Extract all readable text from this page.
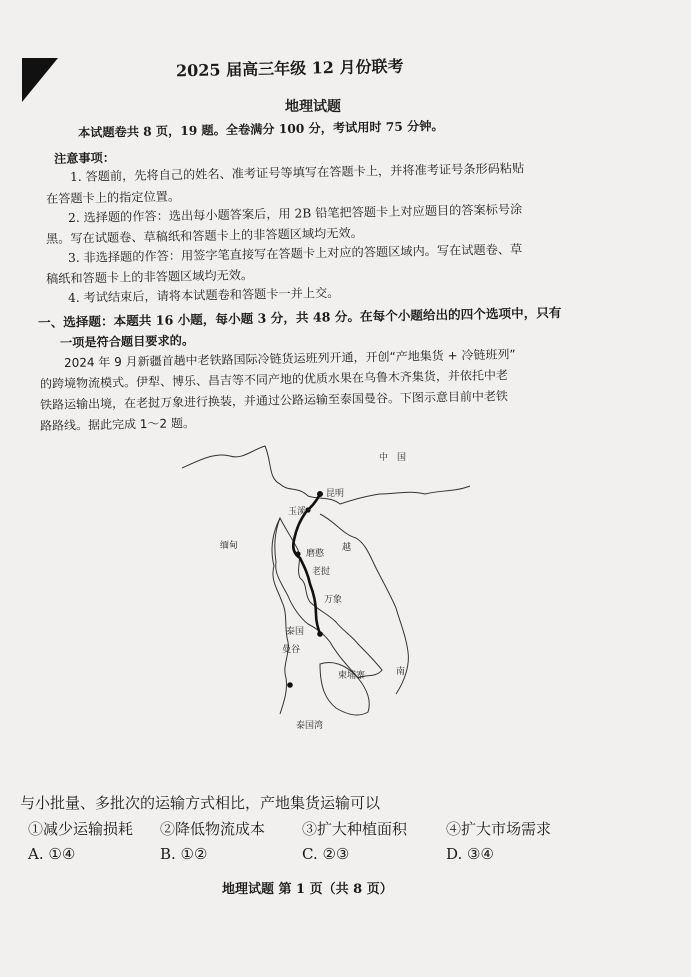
2025 届高三年级 12 月份联考
地理试题
本试题卷共 8 页，19 题。全卷满分 100 分，考试用时 75 分钟。
注意事项：
1. 答题前，先将自己的姓名、准考证号等填写在答题卡上，并将准考证号条形码粘贴
在答题卡上的指定位置。
2. 选择题的作答：选出每小题答案后，用 2B 铅笔把答题卡上对应题目的答案标号涂
黑。写在试题卷、草稿纸和答题卡上的非答题区域均无效。
3. 非选择题的作答：用签字笔直接写在答题卡上对应的答题区域内。写在试题卷、草
稿纸和答题卡上的非答题区域均无效。
4. 考试结束后，请将本试题卷和答题卡一并上交。
一、选择题：本题共 16 小题，每小题 3 分，共 48 分。在每个小题给出的四个选项中，只有
一项是符合题目要求的。
2024 年 9 月新疆首趟中老铁路国际冷链货运班列开通，开创“产地集货 + 冷链班列”
的跨境物流模式。伊犁、博乐、昌吉等不同产地的优质水果在乌鲁木齐集货，并依托中老
铁路运输出境，在老挝万象进行换装，并通过公路运输至泰国曼谷。下图示意目前中老铁
路路线。据此完成 1～2 题。
中　国
昆明
玉溪
缅甸	越
磨憨
老挝
万象
泰国
曼谷
柬埔寨	南
泰国湾
与小批量、多批次的运输方式相比，产地集货运输可以
①减少运输损耗 ②降低物流成本 ③扩大种植面积	④扩大市场需求
A. ①④	B. ①②	C. ②③	D. ③④
地理试题 第 1 页（共 8 页）
